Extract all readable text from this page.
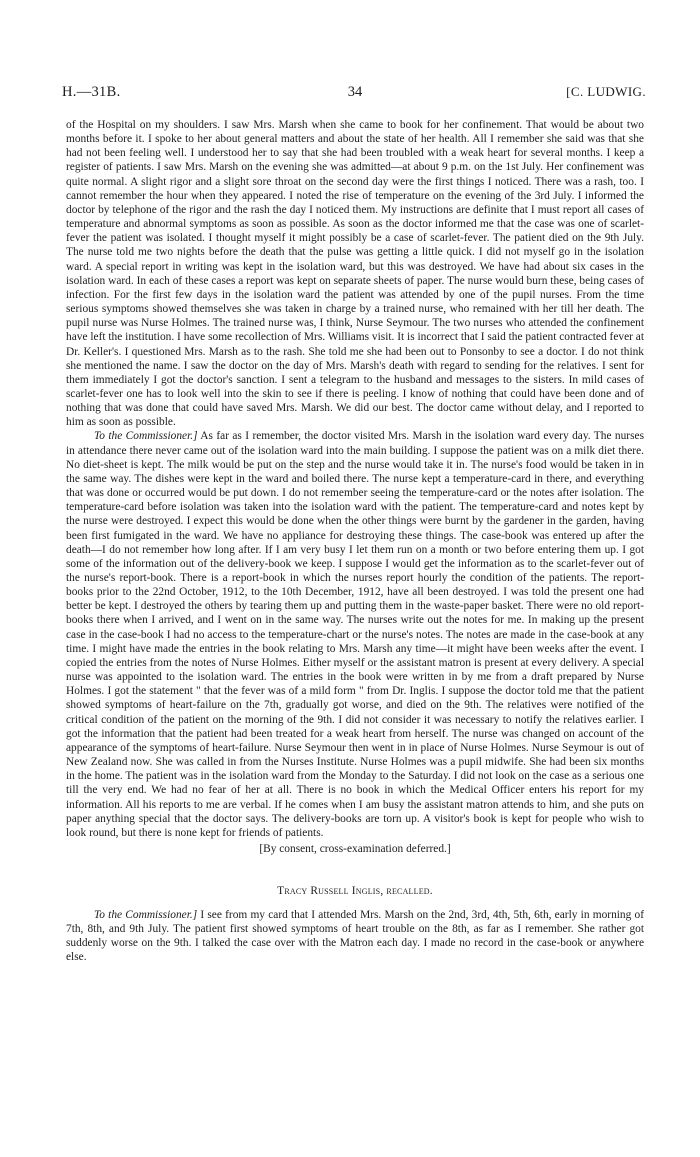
H.—31B.	34	[C. LUDWIG.

of the Hospital on my shoulders. I saw Mrs. Marsh when she came to book for her confinement. That would be about two months before it. I spoke to her about general matters and about the state of her health. All I remember she said was that she had not been feeling well. I understood her to say that she had been troubled with a weak heart for several months. I keep a register of patients. I saw Mrs. Marsh on the evening she was admitted—at about 9 p.m. on the 1st July. Her confinement was quite normal. A slight rigor and a slight sore throat on the second day were the first things I noticed. There was a rash, too. I cannot remember the hour when they appeared. I noted the rise of temperature on the evening of the 3rd July. I informed the doctor by telephone of the rigor and the rash the day I noticed them. My instructions are definite that I must report all cases of temperature and abnormal symptoms as soon as possible. As soon as the doctor informed me that the case was one of scarlet-fever the patient was isolated. I thought myself it might possibly be a case of scarlet-fever. The patient died on the 9th July. The nurse told me two nights before the death that the pulse was getting a little quick. I did not myself go in the isolation ward. A special report in writing was kept in the isolation ward, but this was destroyed. We have had about six cases in the isolation ward. In each of these cases a report was kept on separate sheets of paper. The nurse would burn these, being cases of infection. For the first few days in the isolation ward the patient was attended by one of the pupil nurses. From the time serious symptoms showed themselves she was taken in charge by a trained nurse, who remained with her till her death. The pupil nurse was Nurse Holmes. The trained nurse was, I think, Nurse Seymour. The two nurses who attended the confinement have left the institution. I have some recollection of Mrs. Williams visit. It is incorrect that I said the patient contracted fever at Dr. Keller's. I questioned Mrs. Marsh as to the rash. She told me she had been out to Ponsonby to see a doctor. I do not think she mentioned the name. I saw the doctor on the day of Mrs. Marsh's death with regard to sending for the relatives. I sent for them immediately I got the doctor's sanction. I sent a telegram to the husband and messages to the sisters. In mild cases of scarlet-fever one has to look well into the skin to see if there is peeling. I know of nothing that could have been done and of nothing that was done that could have saved Mrs. Marsh. We did our best. The doctor came without delay, and I reported to him as soon as possible.

To the Commissioner.] As far as I remember, the doctor visited Mrs. Marsh in the isolation ward every day. The nurses in attendance there never came out of the isolation ward into the main building. I suppose the patient was on a milk diet there. No diet-sheet is kept. The milk would be put on the step and the nurse would take it in. The nurse's food would be taken in in the same way. The dishes were kept in the ward and boiled there. The nurse kept a temperature-card in there, and everything that was done or occurred would be put down. I do not remember seeing the temperature-card or the notes after isolation. The temperature-card before isolation was taken into the isolation ward with the patient. The temperature-card and notes kept by the nurse were destroyed. I expect this would be done when the other things were burnt by the gardener in the garden, having been first fumigated in the ward. We have no appliance for destroying these things. The case-book was entered up after the death—I do not remember how long after. If I am very busy I let them run on a month or two before entering them up. I got some of the information out of the delivery-book we keep. I suppose I would get the information as to the scarlet-fever out of the nurse's report-book. There is a report-book in which the nurses report hourly the condition of the patients. The report-books prior to the 22nd October, 1912, to the 10th December, 1912, have all been destroyed. I was told the present one had better be kept. I destroyed the others by tearing them up and putting them in the waste-paper basket. There were no old report-books there when I arrived, and I went on in the same way. The nurses write out the notes for me. In making up the present case in the case-book I had no access to the temperature-chart or the nurse's notes. The notes are made in the case-book at any time. I might have made the entries in the book relating to Mrs. Marsh any time—it might have been weeks after the event. I copied the entries from the notes of Nurse Holmes. Either myself or the assistant matron is present at every delivery. A special nurse was appointed to the isolation ward. The entries in the book were written in by me from a draft prepared by Nurse Holmes. I got the statement " that the fever was of a mild form " from Dr. Inglis. I suppose the doctor told me that the patient showed symptoms of heart-failure on the 7th, gradually got worse, and died on the 9th. The relatives were notified of the critical condition of the patient on the morning of the 9th. I did not consider it was necessary to notify the relatives earlier. I got the information that the patient had been treated for a weak heart from herself. The nurse was changed on account of the appearance of the symptoms of heart-failure. Nurse Seymour then went in in place of Nurse Holmes. Nurse Seymour is out of New Zealand now. She was called in from the Nurses Institute. Nurse Holmes was a pupil midwife. She had been six months in the home. The patient was in the isolation ward from the Monday to the Saturday. I did not look on the case as a serious one till the very end. We had no fear of her at all. There is no book in which the Medical Officer enters his report for my information. All his reports to me are verbal. If he comes when I am busy the assistant matron attends to him, and she puts on paper anything special that the doctor says. The delivery-books are torn up. A visitor's book is kept for people who wish to look round, but there is none kept for friends of patients.

[By consent, cross-examination deferred.]
Tracy Russell Inglis, recalled.

To the Commissioner.] I see from my card that I attended Mrs. Marsh on the 2nd, 3rd, 4th, 5th, 6th, early in morning of 7th, 8th, and 9th July. The patient first showed symptoms of heart trouble on the 8th, as far as I remember. She rather got suddenly worse on the 9th. I talked the case over with the Matron each day. I made no record in the case-book or anywhere else.
